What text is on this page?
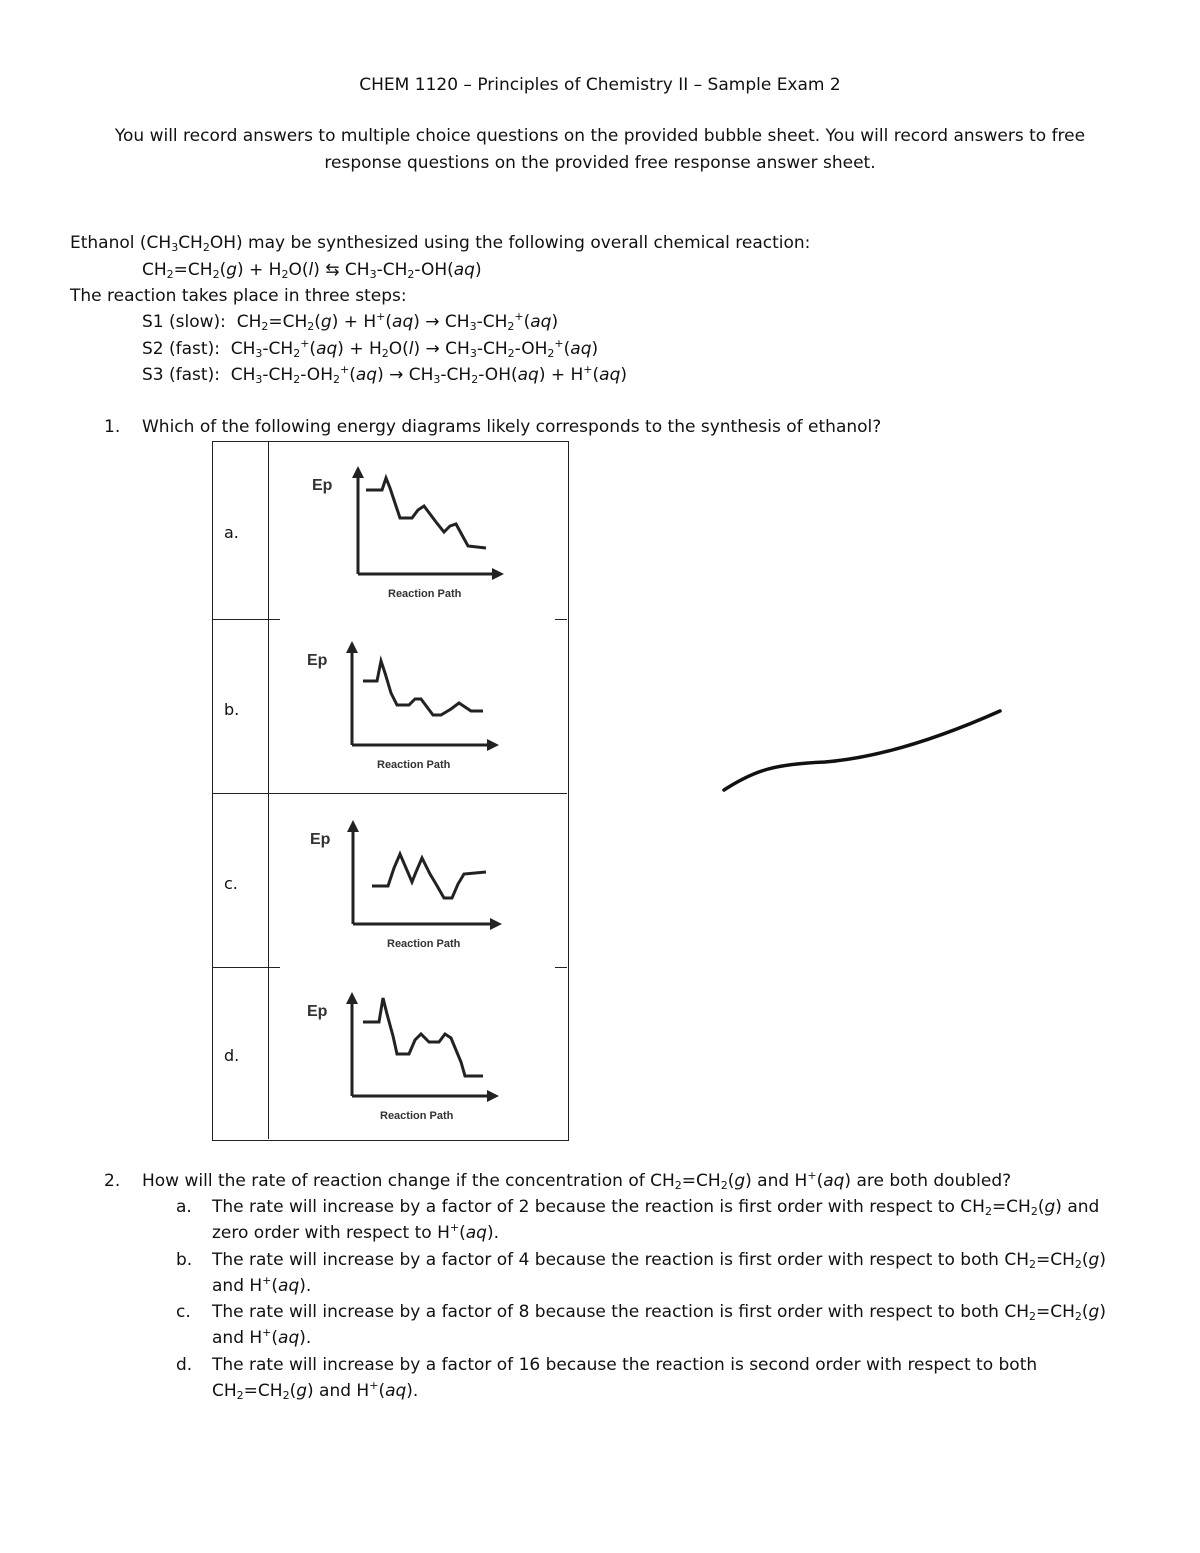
CHEM 1120 – Principles of Chemistry II – Sample Exam 2
You will record answers to multiple choice questions on the provided bubble sheet. You will record answers to free
response questions on the provided free response answer sheet.
Ethanol $(CH_3CH_2OH)$ may be synthesized using the following overall chemical reaction:
$CH_2=CH_2(g) + H_2O(l)$ ⇆ $CH_3-CH_2-OH(aq)$
The reaction takes place in three steps:
S1 (slow):  $CH_2=CH_2(g) + H^+(aq) \to CH_3-CH_2^+(aq)$
S2 (fast):  $CH_3-CH_2^+(aq) + H_2O(l) \to CH_3-CH_2-OH_2^+(aq)$
S3 (fast):  $CH_3-CH_2-OH_2^+(aq) \to CH_3-CH_2-OH(aq) + H^+(aq)$
1. Which of the following energy diagrams likely corresponds to the synthesis of ethanol?
a.
b.
c.
d.
Ep
Reaction Path
Ep
Reaction Path
Ep
Reaction Path
Ep
Reaction Path
2. How will the rate of reaction change if the concentration of $CH_2=CH_2(g)$ and H+(aq) are both doubled?
a. The rate will increase by a factor of 2 because the reaction is first order with respect to $CH_2=CH_2(g)$ and
zero order with respect to H+(aq).
b. The rate will increase by a factor of 4 because the reaction is first order with respect to both $CH_2=CH_2(g)$
and H+(aq).
c. The rate will increase by a factor of 8 because the reaction is first order with respect to both $CH_2=CH_2(g)$
and H+(aq).
d. The rate will increase by a factor of 16 because the reaction is second order with respect to both
$CH_2=CH_2(g)$ and H+(aq).
